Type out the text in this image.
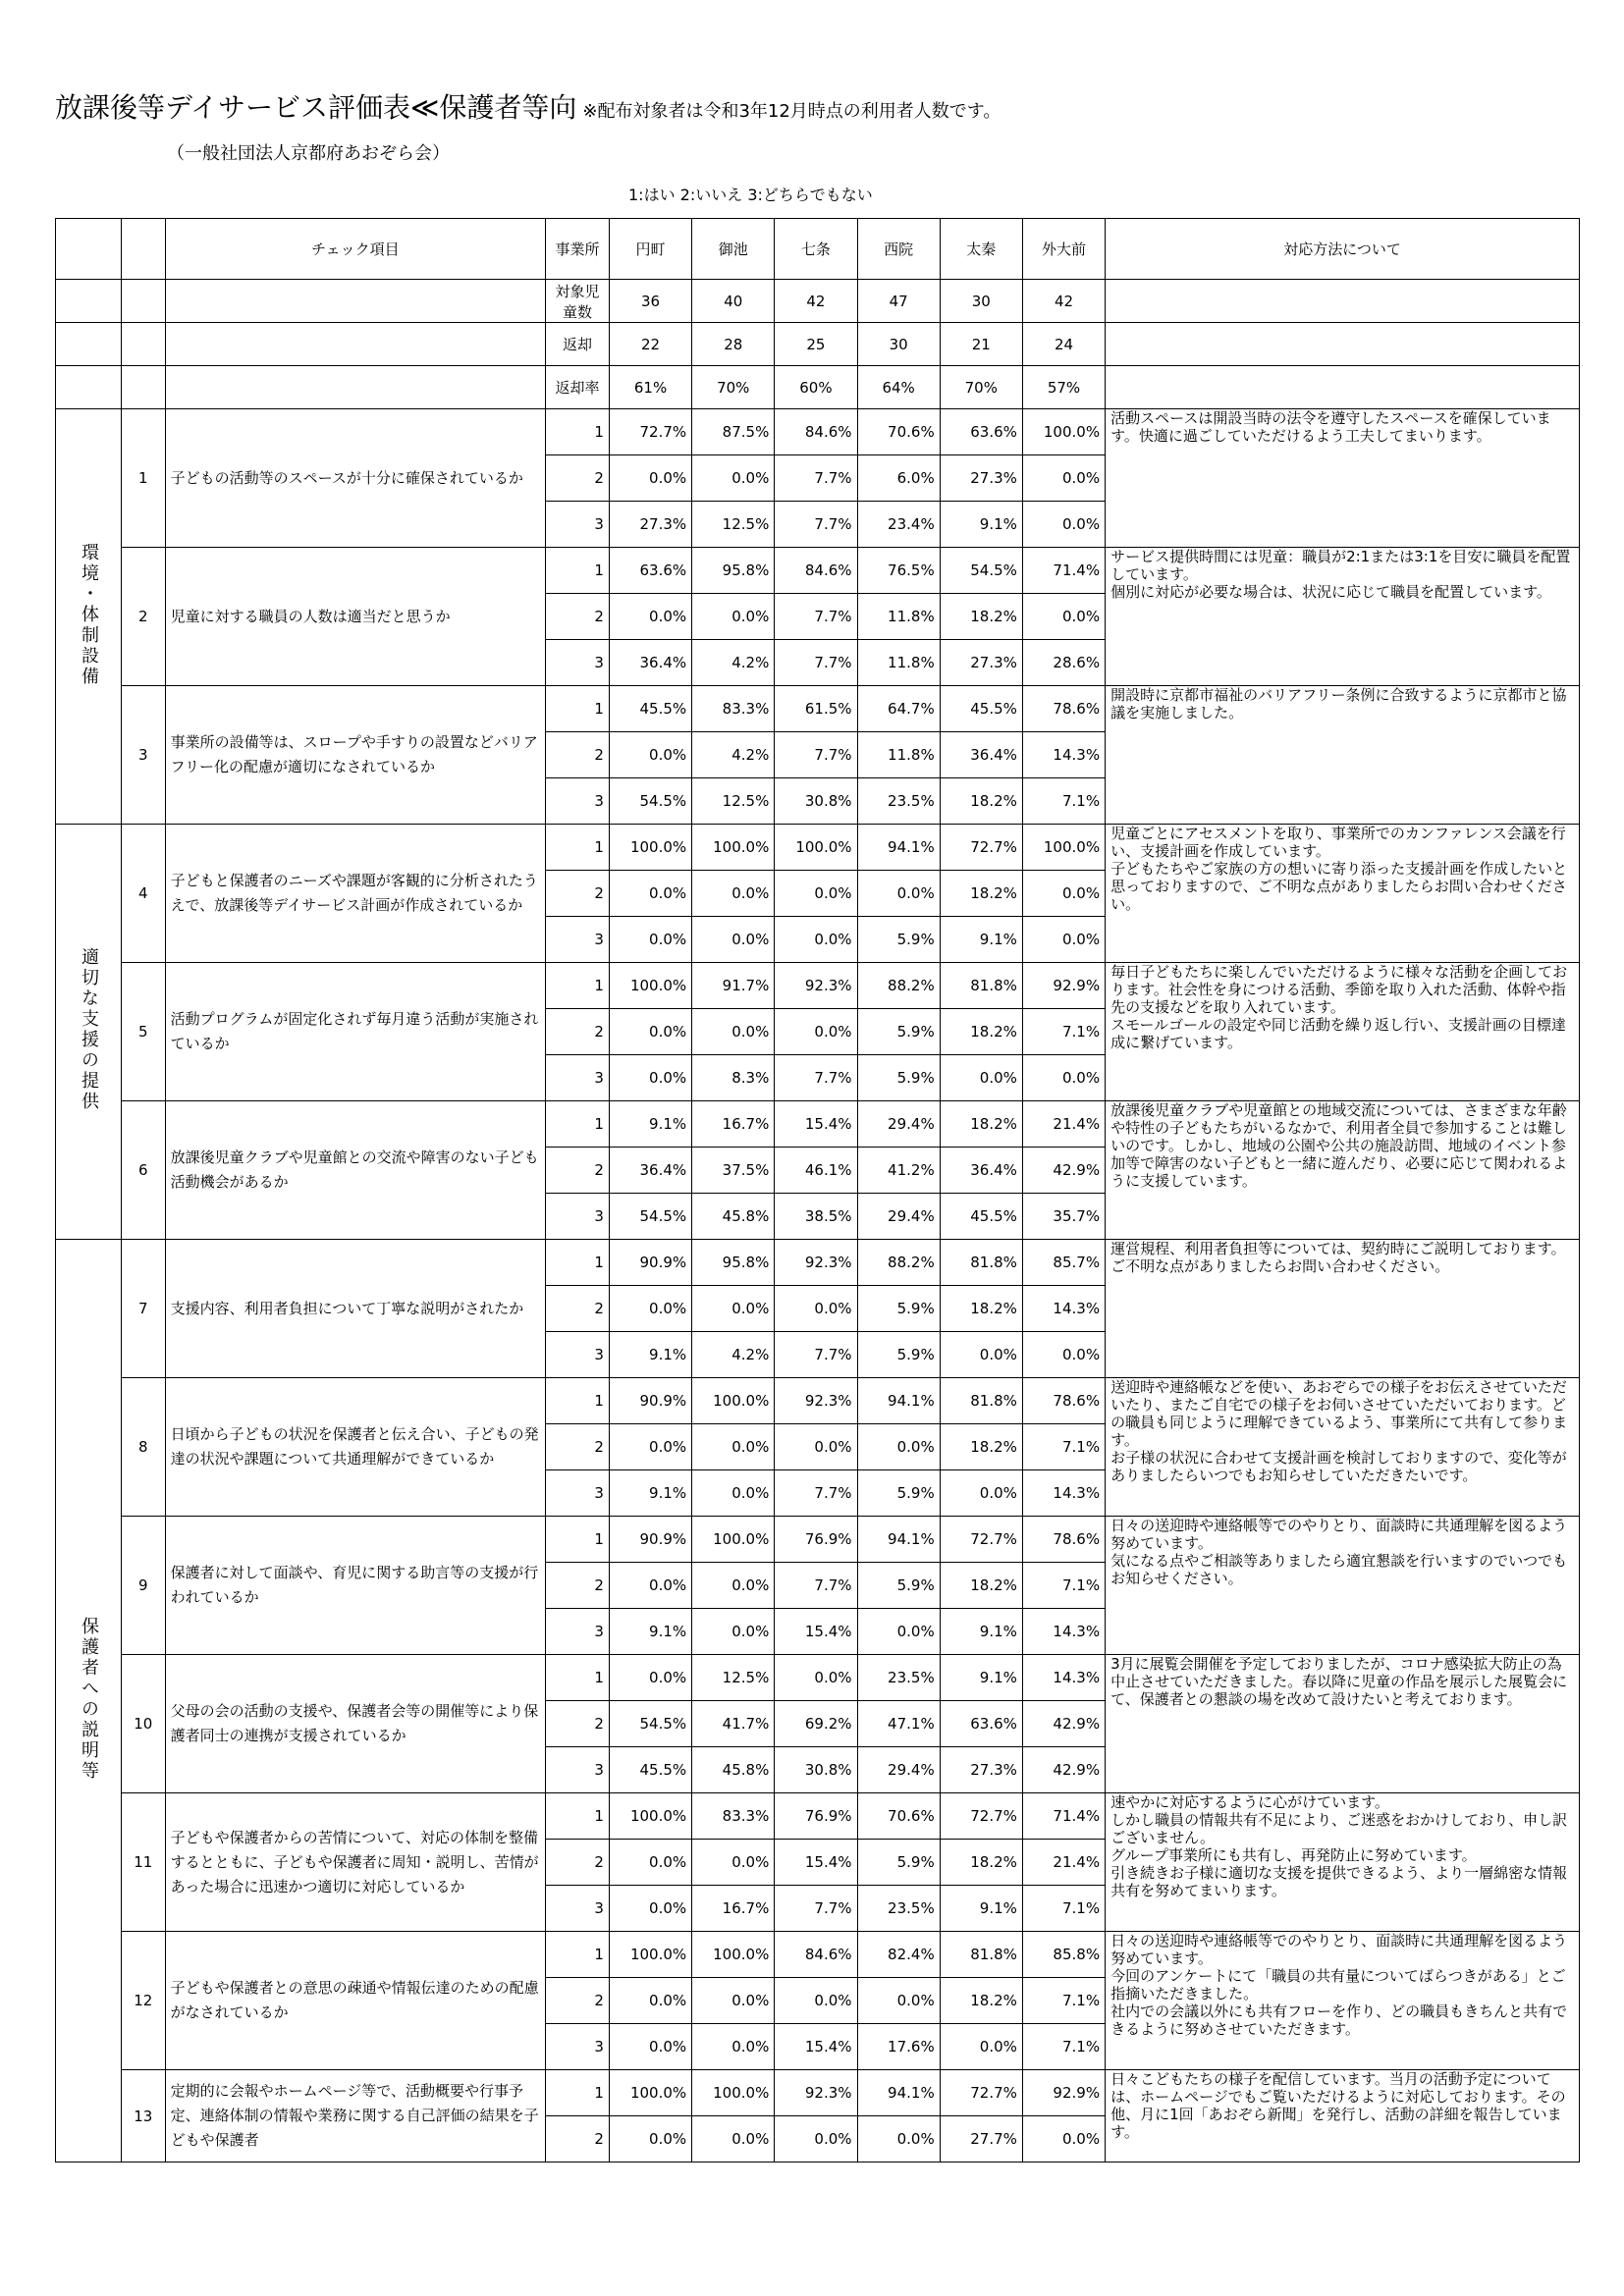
放課後等デイサービス評価表≪保護者等向 ※配布対象者は令和3年12月時点の利用者人数です。
（一般社団法人京都府あおぞら会）
1:はい 2:いいえ 3:どちらでもない
		チェック項目	事業所	円町	御池	七条	西院	太秦	外大前	対応方法について
			対象児童数	36	40	42	47	30	42	
			返却	22	28	25	30	21	24	
			返却率	61%	70%	60%	64%	70%	57%	
環境・体制設備	1	子どもの活動等のスペースが十分に確保されているか	1	72.7%	87.5%	84.6%	70.6%	63.6%	100.0%	活動スペースは開設当時の法令を遵守したスペースを確保しています。快適に過ごしていただけるよう工夫してまいります。

			2	0.0%	0.0%	7.7%	6.0%	27.3%	0.0%	
			3	27.3%	12.5%	7.7%	23.4%	9.1%	0.0%	
	2	児童に対する職員の人数は適当だと思うか	1	63.6%	95.8%	84.6%	76.5%	54.5%	71.4%	サービス提供時間には児童：職員が2:1または3:1を目安に職員を配置しています。
個別に対応が必要な場合は、状況に応じて職員を配置しています。

			2	0.0%	0.0%	7.7%	11.8%	18.2%	0.0%	
			3	36.4%	4.2%	7.7%	11.8%	27.3%	28.6%	
	3	事業所の設備等は、スロープや手すりの設置などバリアフリー化の配慮が適切になされているか	1	45.5%	83.3%	61.5%	64.7%	45.5%	78.6%	開設時に京都市福祉のバリアフリー条例に合致するように京都市と協議を実施しました。

			2	0.0%	4.2%	7.7%	11.8%	36.4%	14.3%	
			3	54.5%	12.5%	30.8%	23.5%	18.2%	7.1%	
適切な支援の提供	4	子どもと保護者のニーズや課題が客観的に分析されたうえで、放課後等デイサービス計画が作成されているか	1	100.0%	100.0%	100.0%	94.1%	72.7%	100.0%	児童ごとにアセスメントを取り、事業所でのカンファレンス会議を行い、支援計画を作成しています。
子どもたちやご家族の方の想いに寄り添った支援計画を作成したいと思っておりますので、ご不明な点がありましたらお問い合わせください。

			2	0.0%	0.0%	0.0%	0.0%	18.2%	0.0%	
			3	0.0%	0.0%	0.0%	5.9%	9.1%	0.0%	
	5	活動プログラムが固定化されず毎月違う活動が実施されているか	1	100.0%	91.7%	92.3%	88.2%	81.8%	92.9%	毎日子どもたちに楽しんでいただけるように様々な活動を企画しております。社会性を身につける活動、季節を取り入れた活動、体幹や指先の支援などを取り入れています。
スモールゴールの設定や同じ活動を繰り返し行い、支援計画の目標達成に繋げています。

			2	0.0%	0.0%	0.0%	5.9%	18.2%	7.1%	
			3	0.0%	8.3%	7.7%	5.9%	0.0%	0.0%	
	6	放課後児童クラブや児童館との交流や障害のない子ども活動機会があるか	1	9.1%	16.7%	15.4%	29.4%	18.2%	21.4%	放課後児童クラブや児童館との地域交流については、さまざまな年齢や特性の子どもたちがいるなかで、利用者全員で参加することは難しいのです。しかし、地域の公園や公共の施設訪問、地域のイベント参加等で障害のない子どもと一緒に遊んだり、必要に応じて関われるように支援しています。

			2	36.4%	37.5%	46.1%	41.2%	36.4%	42.9%	
			3	54.5%	45.8%	38.5%	29.4%	45.5%	35.7%	
保護者への説明等	7	支援内容、利用者負担について丁寧な説明がされたか	1	90.9%	95.8%	92.3%	88.2%	81.8%	85.7%	運営規程、利用者負担等については、契約時にご説明しております。
ご不明な点がありましたらお問い合わせください。

			2	0.0%	0.0%	0.0%	5.9%	18.2%	14.3%	
			3	9.1%	4.2%	7.7%	5.9%	0.0%	0.0%	
	8	日頃から子どもの状況を保護者と伝え合い、子どもの発達の状況や課題について共通理解ができているか	1	90.9%	100.0%	92.3%	94.1%	81.8%	78.6%	送迎時や連絡帳などを使い、あおぞらでの様子をお伝えさせていただいたり、またご自宅での様子をお伺いさせていただいております。どの職員も同じように理解できているよう、事業所にて共有して参ります。
お子様の状況に合わせて支援計画を検討しておりますので、変化等がありましたらいつでもお知らせしていただきたいです。

			2	0.0%	0.0%	0.0%	0.0%	18.2%	7.1%	
			3	9.1%	0.0%	7.7%	5.9%	0.0%	14.3%	
	9	保護者に対して面談や、育児に関する助言等の支援が行われているか	1	90.9%	100.0%	76.9%	94.1%	72.7%	78.6%	日々の送迎時や連絡帳等でのやりとり、面談時に共通理解を図るよう努めています。
気になる点やご相談等ありましたら適宜懇談を行いますのでいつでもお知らせください。

			2	0.0%	0.0%	7.7%	5.9%	18.2%	7.1%	
			3	9.1%	0.0%	15.4%	0.0%	9.1%	14.3%	
	10	父母の会の活動の支援や、保護者会等の開催等により保護者同士の連携が支援されているか	1	0.0%	12.5%	0.0%	23.5%	9.1%	14.3%	3月に展覧会開催を予定しておりましたが、コロナ感染拡大防止の為中止させていただきました。春以降に児童の作品を展示した展覧会にて、保護者との懇談の場を改めて設けたいと考えております。

			2	54.5%	41.7%	69.2%	47.1%	63.6%	42.9%	
			3	45.5%	45.8%	30.8%	29.4%	27.3%	42.9%	
	11	子どもや保護者からの苦情について、対応の体制を整備するとともに、子どもや保護者に周知・説明し、苦情があった場合に迅速かつ適切に対応しているか	1	100.0%	83.3%	76.9%	70.6%	72.7%	71.4%	速やかに対応するように心がけています。
しかし職員の情報共有不足により、ご迷惑をおかけしており、申し訳ございません。
グループ事業所にも共有し、再発防止に努めています。
引き続きお子様に適切な支援を提供できるよう、より一層綿密な情報共有を努めてまいります。

			2	0.0%	0.0%	15.4%	5.9%	18.2%	21.4%	
			3	0.0%	16.7%	7.7%	23.5%	9.1%	7.1%	
	12	子どもや保護者との意思の疎通や情報伝達のための配慮がなされているか	1	100.0%	100.0%	84.6%	82.4%	81.8%	85.8%	日々の送迎時や連絡帳等でのやりとり、面談時に共通理解を図るよう努めています。
今回のアンケートにて「職員の共有量についてばらつきがある」とご指摘いただきました。
社内での会議以外にも共有フローを作り、どの職員もきちんと共有できるように努めさせていただきます。

			2	0.0%	0.0%	0.0%	0.0%	18.2%	7.1%	
			3	0.0%	0.0%	15.4%	17.6%	0.0%	7.1%	
	13	定期的に会報やホームページ等で、活動概要や行事予定、連絡体制の情報や業務に関する自己評価の結果を子どもや保護者	1	100.0%	100.0%	92.3%	94.1%	72.7%	92.9%	日々こどもたちの様子を配信しています。当月の活動予定については、ホームページでもご覧いただけるように対応しております。その他、月に1回「あおぞら新聞」を発行し、活動の詳細を報告しています。

			2	0.0%	0.0%	0.0%	0.0%	27.7%	0.0%	
